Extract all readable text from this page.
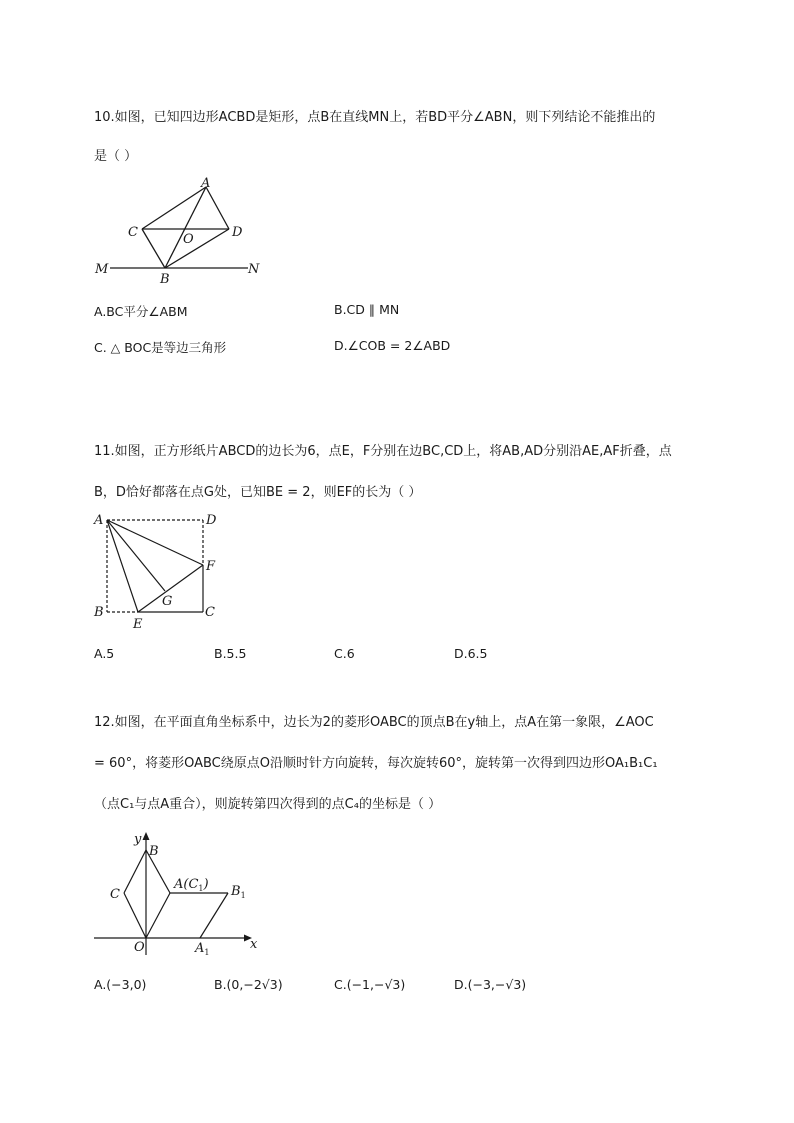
10.如图，已知四边形ACBD是矩形，点B在直线MN上，若BD平分∠ABN，则下列结论不能推出的
是（ ）
A
C	O	D
M
B
N
A.BC平分∠ABM	B.CD ∥ MN
C. △ BOC是等边三角形	D.∠COB = 2∠ABD
11.如图，正方形纸片ABCD的边长为6，点E，F分别在边BC,CD上，将AB,AD分别沿AE,AF折叠，点
B，D恰好都落在点G处，已知BE = 2，则EF的长为（ ）
A	D
F
G
B
E
C
A.5	B.5.5	C.6	D.6.5
12.如图，在平面直角坐标系中，边长为2的菱形OABC的顶点B在y轴上，点A在第一象限，∠AOC
= 60°，将菱形OABC绕原点O沿顺时针方向旋转，每次旋转60°，旋转第一次得到四边形OA₁B₁C₁
（点C₁与点A重合），则旋转第四次得到的点C₄的坐标是（ ）
y
B
C
$A(C_1)$ $B_1$
O	$A_1$
x
A.(−3,0)	B.(0,−2√3)	C.(−1,−√3)	D.(−3,−√3)
